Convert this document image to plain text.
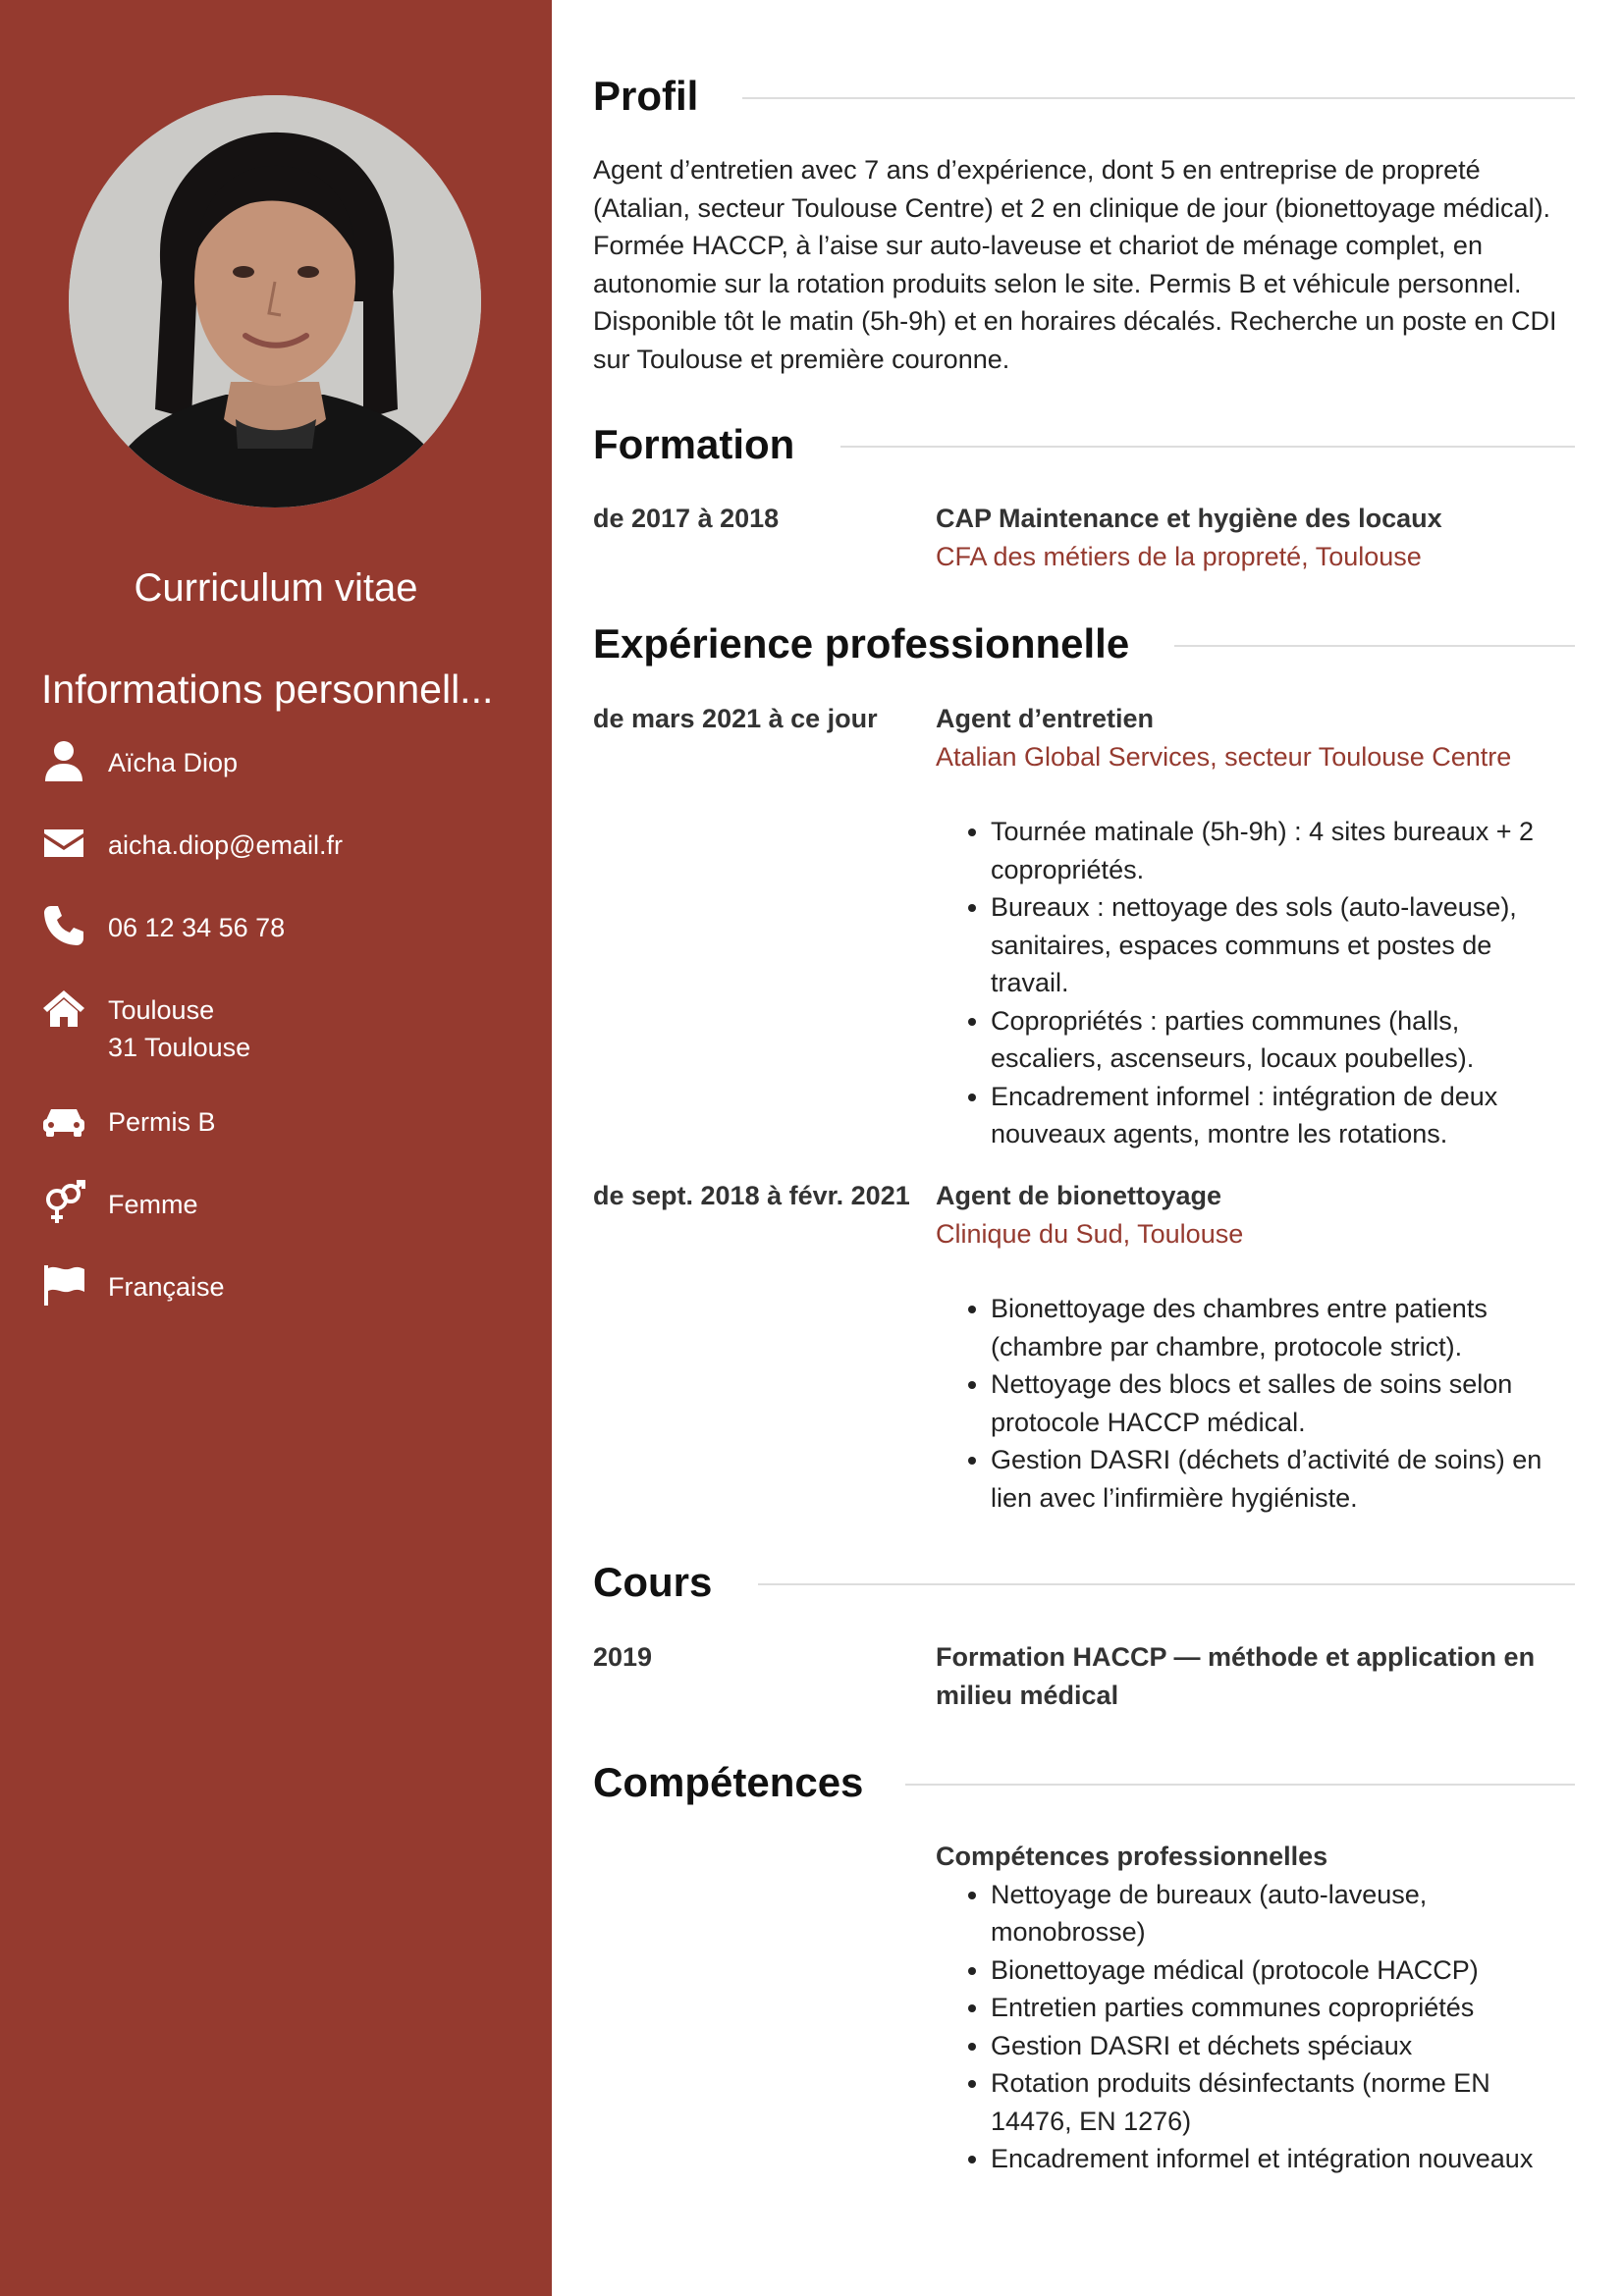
Curriculum vitae
Informations personnell...
Aïcha Diop
aicha.diop@email.fr
06 12 34 56 78
Toulouse
31 Toulouse
Permis B
Femme
Française
Profil
Agent d’entretien avec 7 ans d’expérience, dont 5 en entreprise de propreté (Atalian, secteur Toulouse Centre) et 2 en clinique de jour (bionettoyage médical). Formée HACCP, à l’aise sur auto-laveuse et chariot de ménage complet, en autonomie sur la rotation produits selon le site. Permis B et véhicule personnel. Disponible tôt le matin (5h-9h) et en horaires décalés. Recherche un poste en CDI sur Toulouse et première couronne.
Formation
de 2017 à 2018	CAP Maintenance et hygiène des locaux
CFA des métiers de la propreté, Toulouse
Expérience professionnelle
de mars 2021 à ce jour Agent d’entretien
Atalian Global Services, secteur Toulouse Centre
• Tournée matinale (5h-9h) : 4 sites bureaux + 2 copropriétés.
• Bureaux : nettoyage des sols (auto-laveuse), sanitaires, espaces communs et postes de travail.
• Copropriétés : parties communes (halls, escaliers, ascenseurs, locaux poubelles).
• Encadrement informel : intégration de deux nouveaux agents, montre les rotations.
de sept. 2018 à févr. 2021 Agent de bionettoyage
Clinique du Sud, Toulouse
• Bionettoyage des chambres entre patients (chambre par chambre, protocole strict).
• Nettoyage des blocs et salles de soins selon protocole HACCP médical.
• Gestion DASRI (déchets d’activité de soins) en lien avec l’infirmière hygiéniste.
Cours
2019	Formation HACCP — méthode et application en milieu médical
Compétences
Compétences professionnelles
• Nettoyage de bureaux (auto-laveuse, monobrosse)
• Bionettoyage médical (protocole HACCP)
• Entretien parties communes copropriétés
• Gestion DASRI et déchets spéciaux
• Rotation produits désinfectants (norme EN 14476, EN 1276)
• Encadrement informel et intégration nouveaux
